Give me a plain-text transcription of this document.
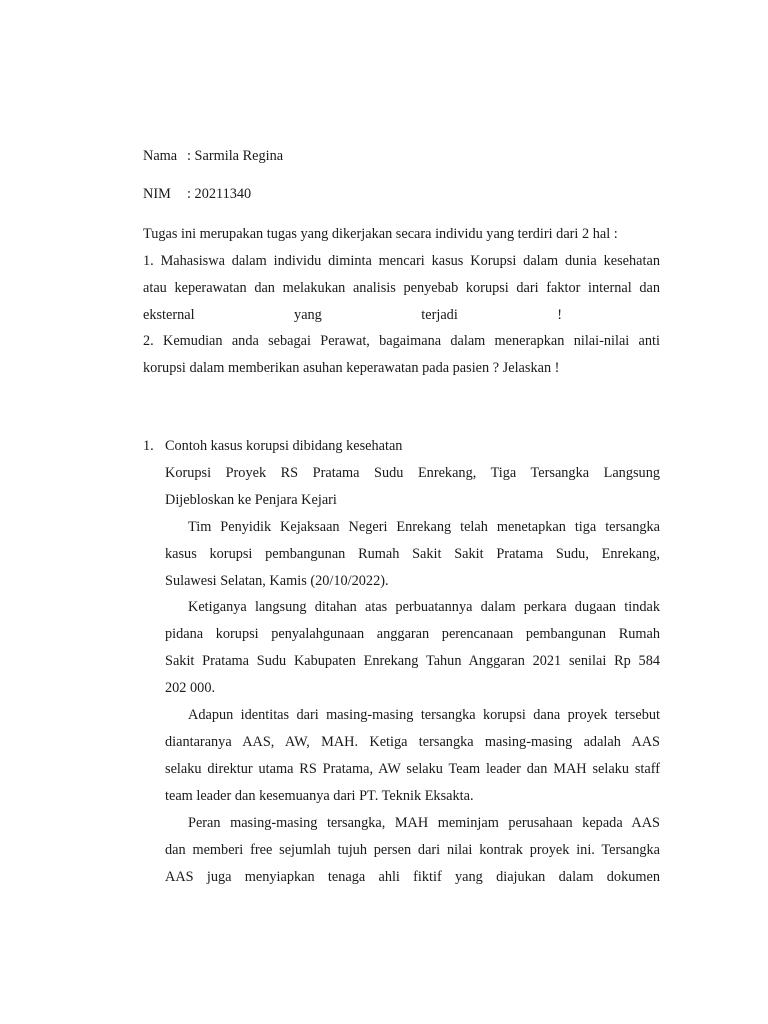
Nama : Sarmila Regina
NIM : 20211340
Tugas ini merupakan tugas yang dikerjakan secara individu yang terdiri dari 2 hal :
1. Mahasiswa dalam individu diminta mencari kasus Korupsi dalam dunia kesehatan
atau keperawatan dan melakukan analisis penyebab korupsi dari faktor internal dan
eksternal yang terjadi !
2. Kemudian anda sebagai Perawat, bagaimana dalam menerapkan nilai-nilai anti
korupsi dalam memberikan asuhan keperawatan pada pasien ? Jelaskan !
1. Contoh kasus korupsi dibidang kesehatan
Korupsi Proyek RS Pratama Sudu Enrekang, Tiga Tersangka Langsung
Dijebloskan ke Penjara Kejari
Tim Penyidik Kejaksaan Negeri Enrekang telah menetapkan tiga tersangka
kasus korupsi pembangunan Rumah Sakit Sakit Pratama Sudu, Enrekang,
Sulawesi Selatan, Kamis (20/10/2022).
Ketiganya langsung ditahan atas perbuatannya dalam perkara dugaan tindak
pidana korupsi penyalahgunaan anggaran perencanaan pembangunan Rumah
Sakit Pratama Sudu Kabupaten Enrekang Tahun Anggaran 2021 senilai Rp 584
202 000.
Adapun identitas dari masing-masing tersangka korupsi dana proyek tersebut
diantaranya AAS, AW, MAH. Ketiga tersangka masing-masing adalah AAS
selaku direktur utama RS Pratama, AW selaku Team leader dan MAH selaku staff
team leader dan kesemuanya dari PT. Teknik Eksakta.
Peran masing-masing tersangka, MAH meminjam perusahaan kepada AAS
dan memberi free sejumlah tujuh persen dari nilai kontrak proyek ini. Tersangka
AAS juga menyiapkan tenaga ahli fiktif yang diajukan dalam dokumen
